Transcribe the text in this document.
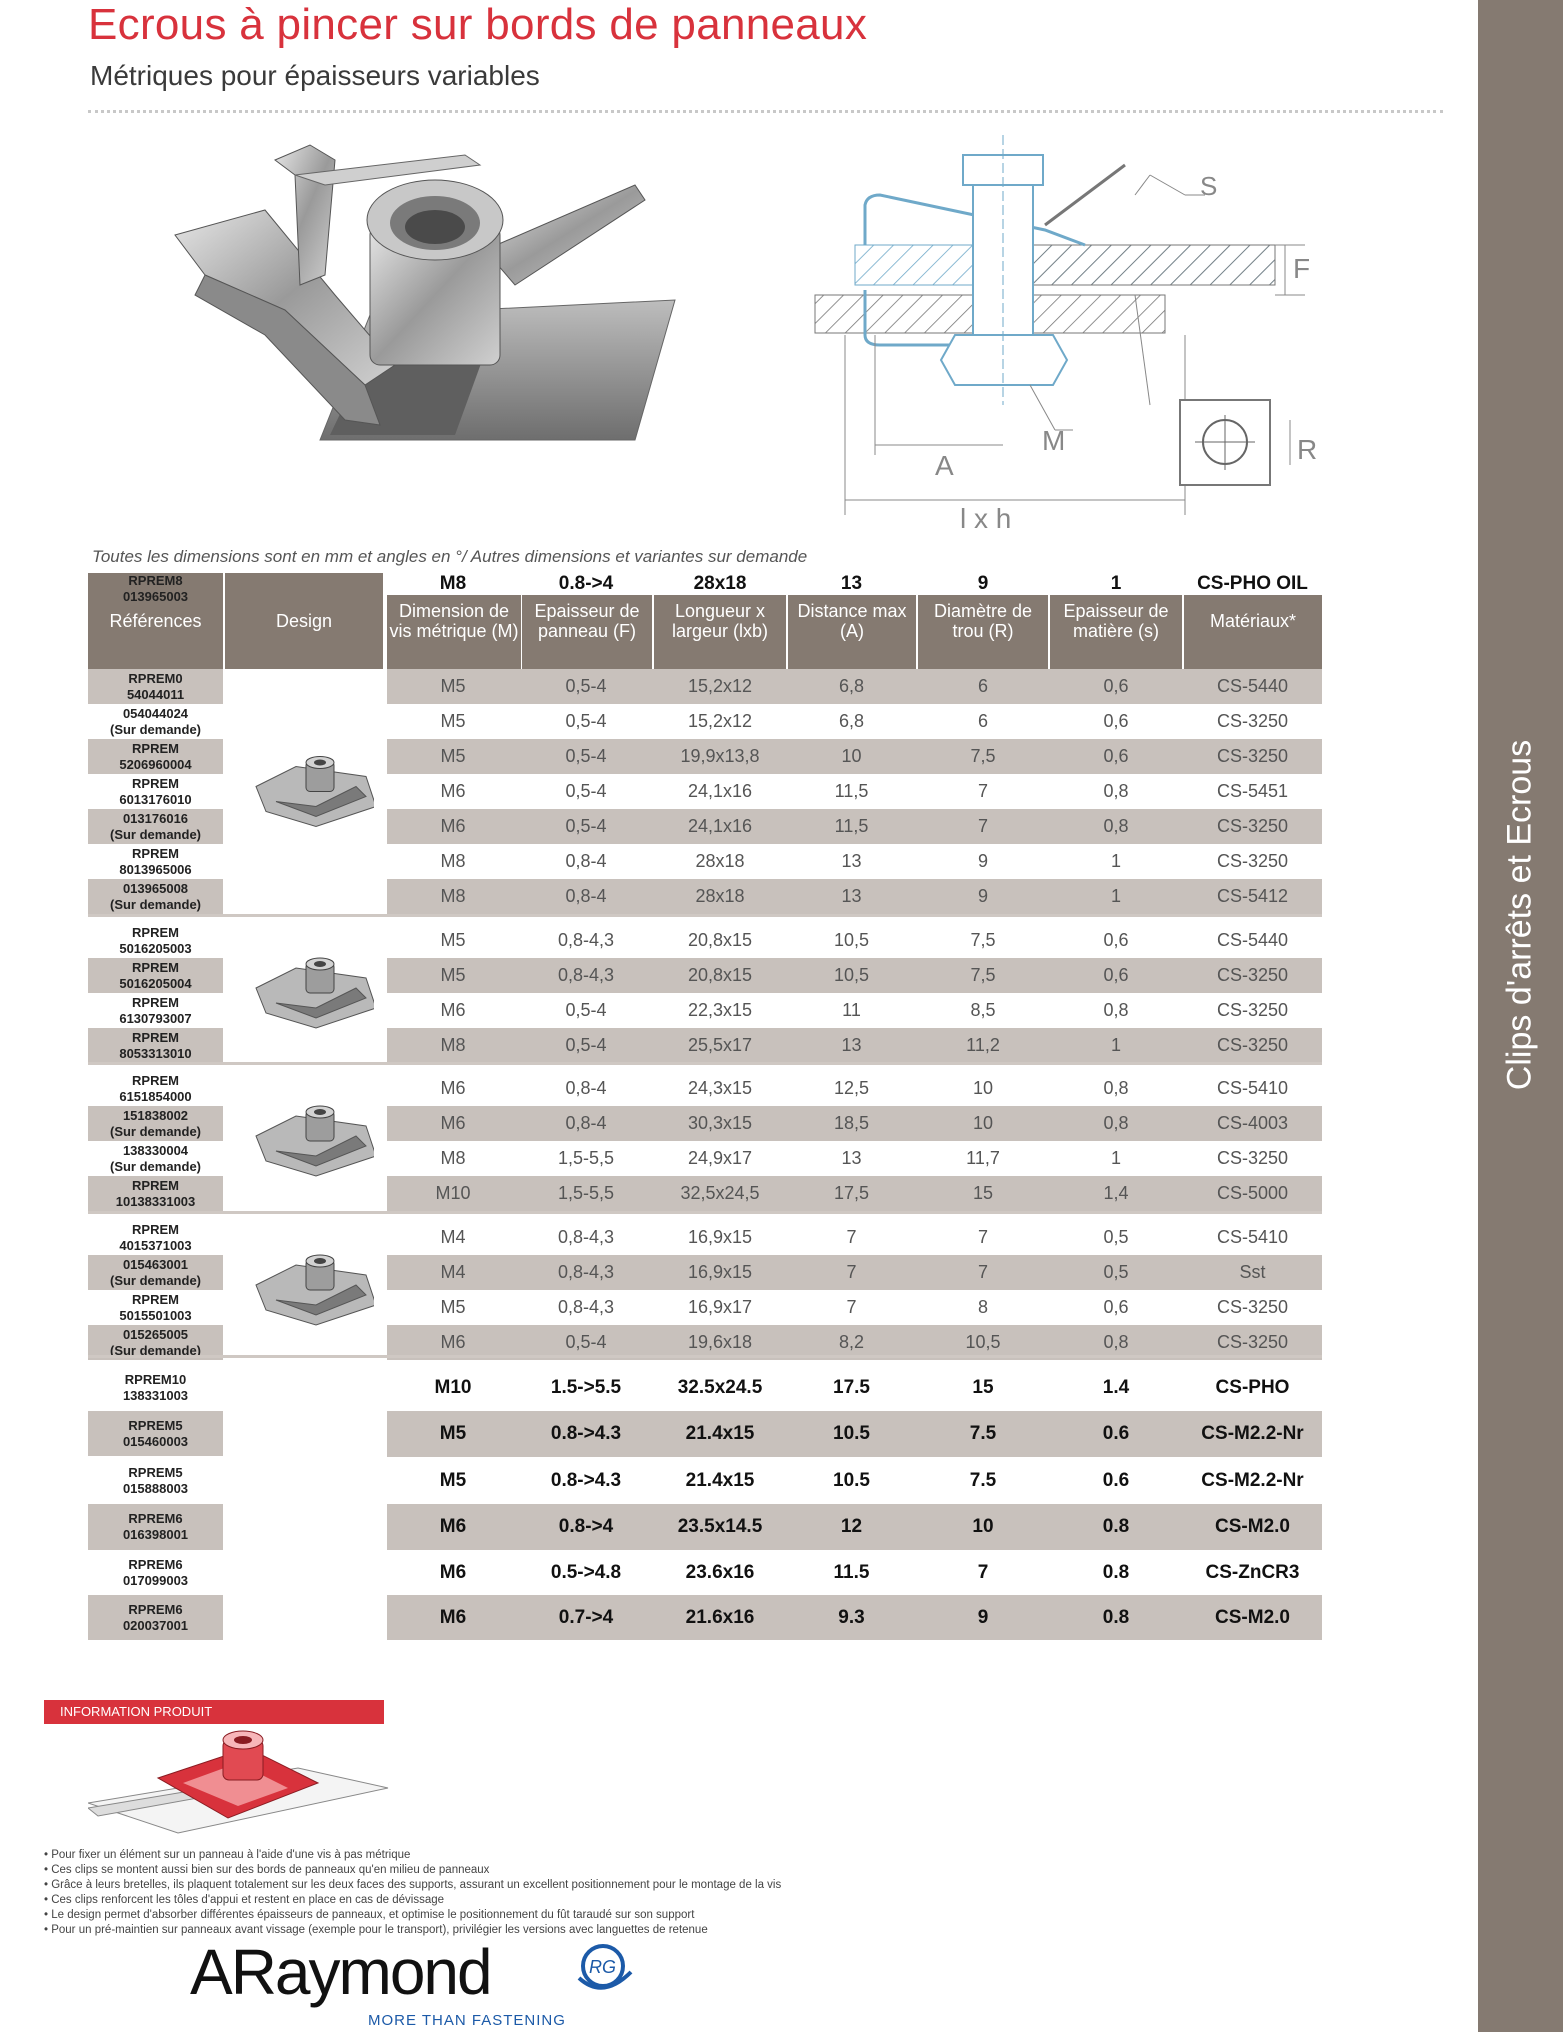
Ecrous à pincer sur bords de panneaux
Métriques pour épaisseurs variables
Clips d'arrêts et Ecrous
S
F
M
A
R
l x h
Toutes les dimensions sont en mm et angles en °/ Autres dimensions et variantes sur demande
Références	Design	Dimension de vis métrique (M)
Epaisseur de panneau (F)
Longueur x largeur (lxb)
Distance max (A)
Diamètre de trou (R)
Epaisseur de matière (s)	Matériaux*
RPREM0
54044011	M5	0,5-4	15,2x12	6,8	6	0,6	CS-5440
054044024
(Sur demande)	M5	0,5-4	15,2x12	6,8	6	0,6	CS-3250
RPREM
5206960004	M5	0,5-4	19,9x13,8	10	7,5	0,6	CS-3250
RPREM
6013176010	M6	0,5-4	24,1x16	11,5	7	0,8	CS-5451
013176016
(Sur demande)	M6	0,5-4	24,1x16	11,5	7	0,8	CS-3250
RPREM
8013965006	M8	0,8-4	28x18	13	9	1	CS-3250
013965008
(Sur demande)	M8	0,8-4	28x18	13	9	1	CS-5412
RPREM
5016205003	M5	0,8-4,3	20,8x15	10,5	7,5	0,6	CS-5440
RPREM
5016205004	M5	0,8-4,3	20,8x15	10,5	7,5	0,6	CS-3250
RPREM
6130793007	M6	0,5-4	22,3x15	11	8,5	0,8	CS-3250
RPREM
8053313010	M8	0,5-4	25,5x17	13	11,2	1	CS-3250
RPREM
6151854000	M6	0,8-4	24,3x15	12,5	10	0,8	CS-5410
151838002
(Sur demande)	M6	0,8-4	30,3x15	18,5	10	0,8	CS-4003
138330004
(Sur demande)	M8	1,5-5,5	24,9x17	13	11,7	1	CS-3250
RPREM
10138331003	M10	1,5-5,5	32,5x24,5	17,5	15	1,4	CS-5000
RPREM
4015371003	M4	0,8-4,3	16,9x15	7	7	0,5	CS-5410
015463001
(Sur demande)	M4	0,8-4,3	16,9x15	7	7	0,5	Sst
RPREM
5015501003	M5	0,8-4,3	16,9x17	7	8	0,6	CS-3250
015265005
(Sur demande)	M6	0,5-4	19,6x18	8,2	10,5	0,8	CS-3250
RPREM10
138331003	M10	1.5->5.5	32.5x24.5	17.5	15	1.4	CS-PHO
RPREM5
015460003	M5	0.8->4.3	21.4x15	10.5	7.5	0.6	CS-M2.2-Nr
RPREM5
015888003	M5	0.8->4.3	21.4x15	10.5	7.5	0.6	CS-M2.2-Nr
RPREM6
016398001	M6	0.8->4	23.5x14.5	12	10	0.8	CS-M2.0
RPREM6
017099003	M6	0.5->4.8	23.6x16	11.5	7	0.8	CS-ZnCR3
RPREM6
020037001	M6	0.7->4	21.6x16	9.3	9	0.8	CS-M2.0
RPREM8
013965003
M8	0.8->4	28x18	13	9	1	CS-PHO OIL
INFORMATION PRODUIT
• Pour fixer un élément sur un panneau à l'aide d'une vis à pas métrique
• Ces clips se montent aussi bien sur des bords de panneaux qu'en milieu de panneaux
• Grâce à leurs bretelles, ils plaquent totalement sur les deux faces des supports, assurant un excellent positionnement pour le montage de la vis
• Ces clips renforcent les tôles d'appui et restent en place en cas de dévissage
• Le design permet d'absorber différentes épaisseurs de panneaux, et optimise le positionnement du fût taraudé sur son support
• Pour un pré-maintien sur panneaux avant vissage (exemple pour le transport), privilégier les versions avec languettes de retenue
ARaymond	RG
MORE THAN FASTENING
